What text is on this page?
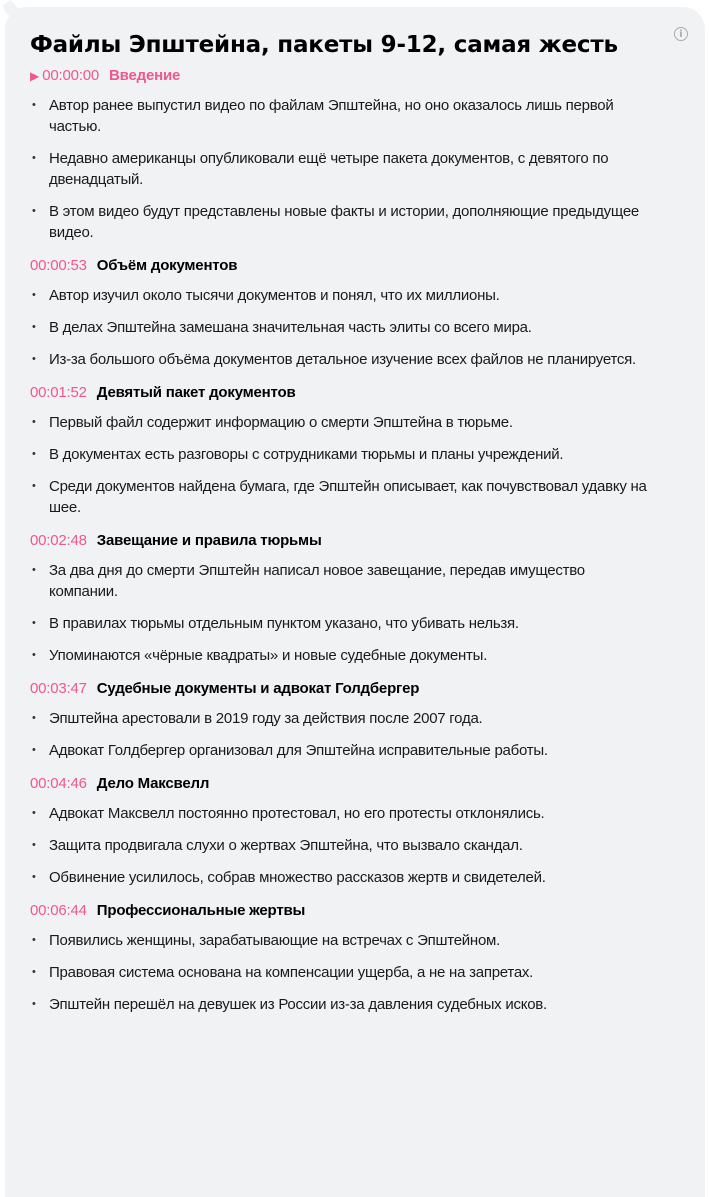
i
Файлы Эпштейна, пакеты 9-12, самая жесть
▶ 00:00:00 Введение
• Автор ранее выпустил видео по файлам Эпштейна, но оно оказалось лишь первой частью.
• Недавно американцы опубликовали ещё четыре пакета документов, с девятого по двенадцатый.
• В этом видео будут представлены новые факты и истории, дополняющие предыдущее видео.
00:00:53 Объём документов
• Автор изучил около тысячи документов и понял, что их миллионы.
• В делах Эпштейна замешана значительная часть элиты со всего мира.
• Из-за большого объёма документов детальное изучение всех файлов не планируется.
00:01:52 Девятый пакет документов
• Первый файл содержит информацию о смерти Эпштейна в тюрьме.
• В документах есть разговоры с сотрудниками тюрьмы и планы учреждений.
• Среди документов найдена бумага, где Эпштейн описывает, как почувствовал удавку на шее.
00:02:48 Завещание и правила тюрьмы
• За два дня до смерти Эпштейн написал новое завещание, передав имущество компании.
• В правилах тюрьмы отдельным пунктом указано, что убивать нельзя.
• Упоминаются «чёрные квадраты» и новые судебные документы.
00:03:47 Судебные документы и адвокат Голдбергер
• Эпштейна арестовали в 2019 году за действия после 2007 года.
• Адвокат Голдбергер организовал для Эпштейна исправительные работы.
00:04:46 Дело Максвелл
• Адвокат Максвелл постоянно протестовал, но его протесты отклонялись.
• Защита продвигала слухи о жертвах Эпштейна, что вызвало скандал.
• Обвинение усилилось, собрав множество рассказов жертв и свидетелей.
00:06:44 Профессиональные жертвы
• Появились женщины, зарабатывающие на встречах с Эпштейном.
• Правовая система основана на компенсации ущерба, а не на запретах.
• Эпштейн перешёл на девушек из России из-за давления судебных исков.
